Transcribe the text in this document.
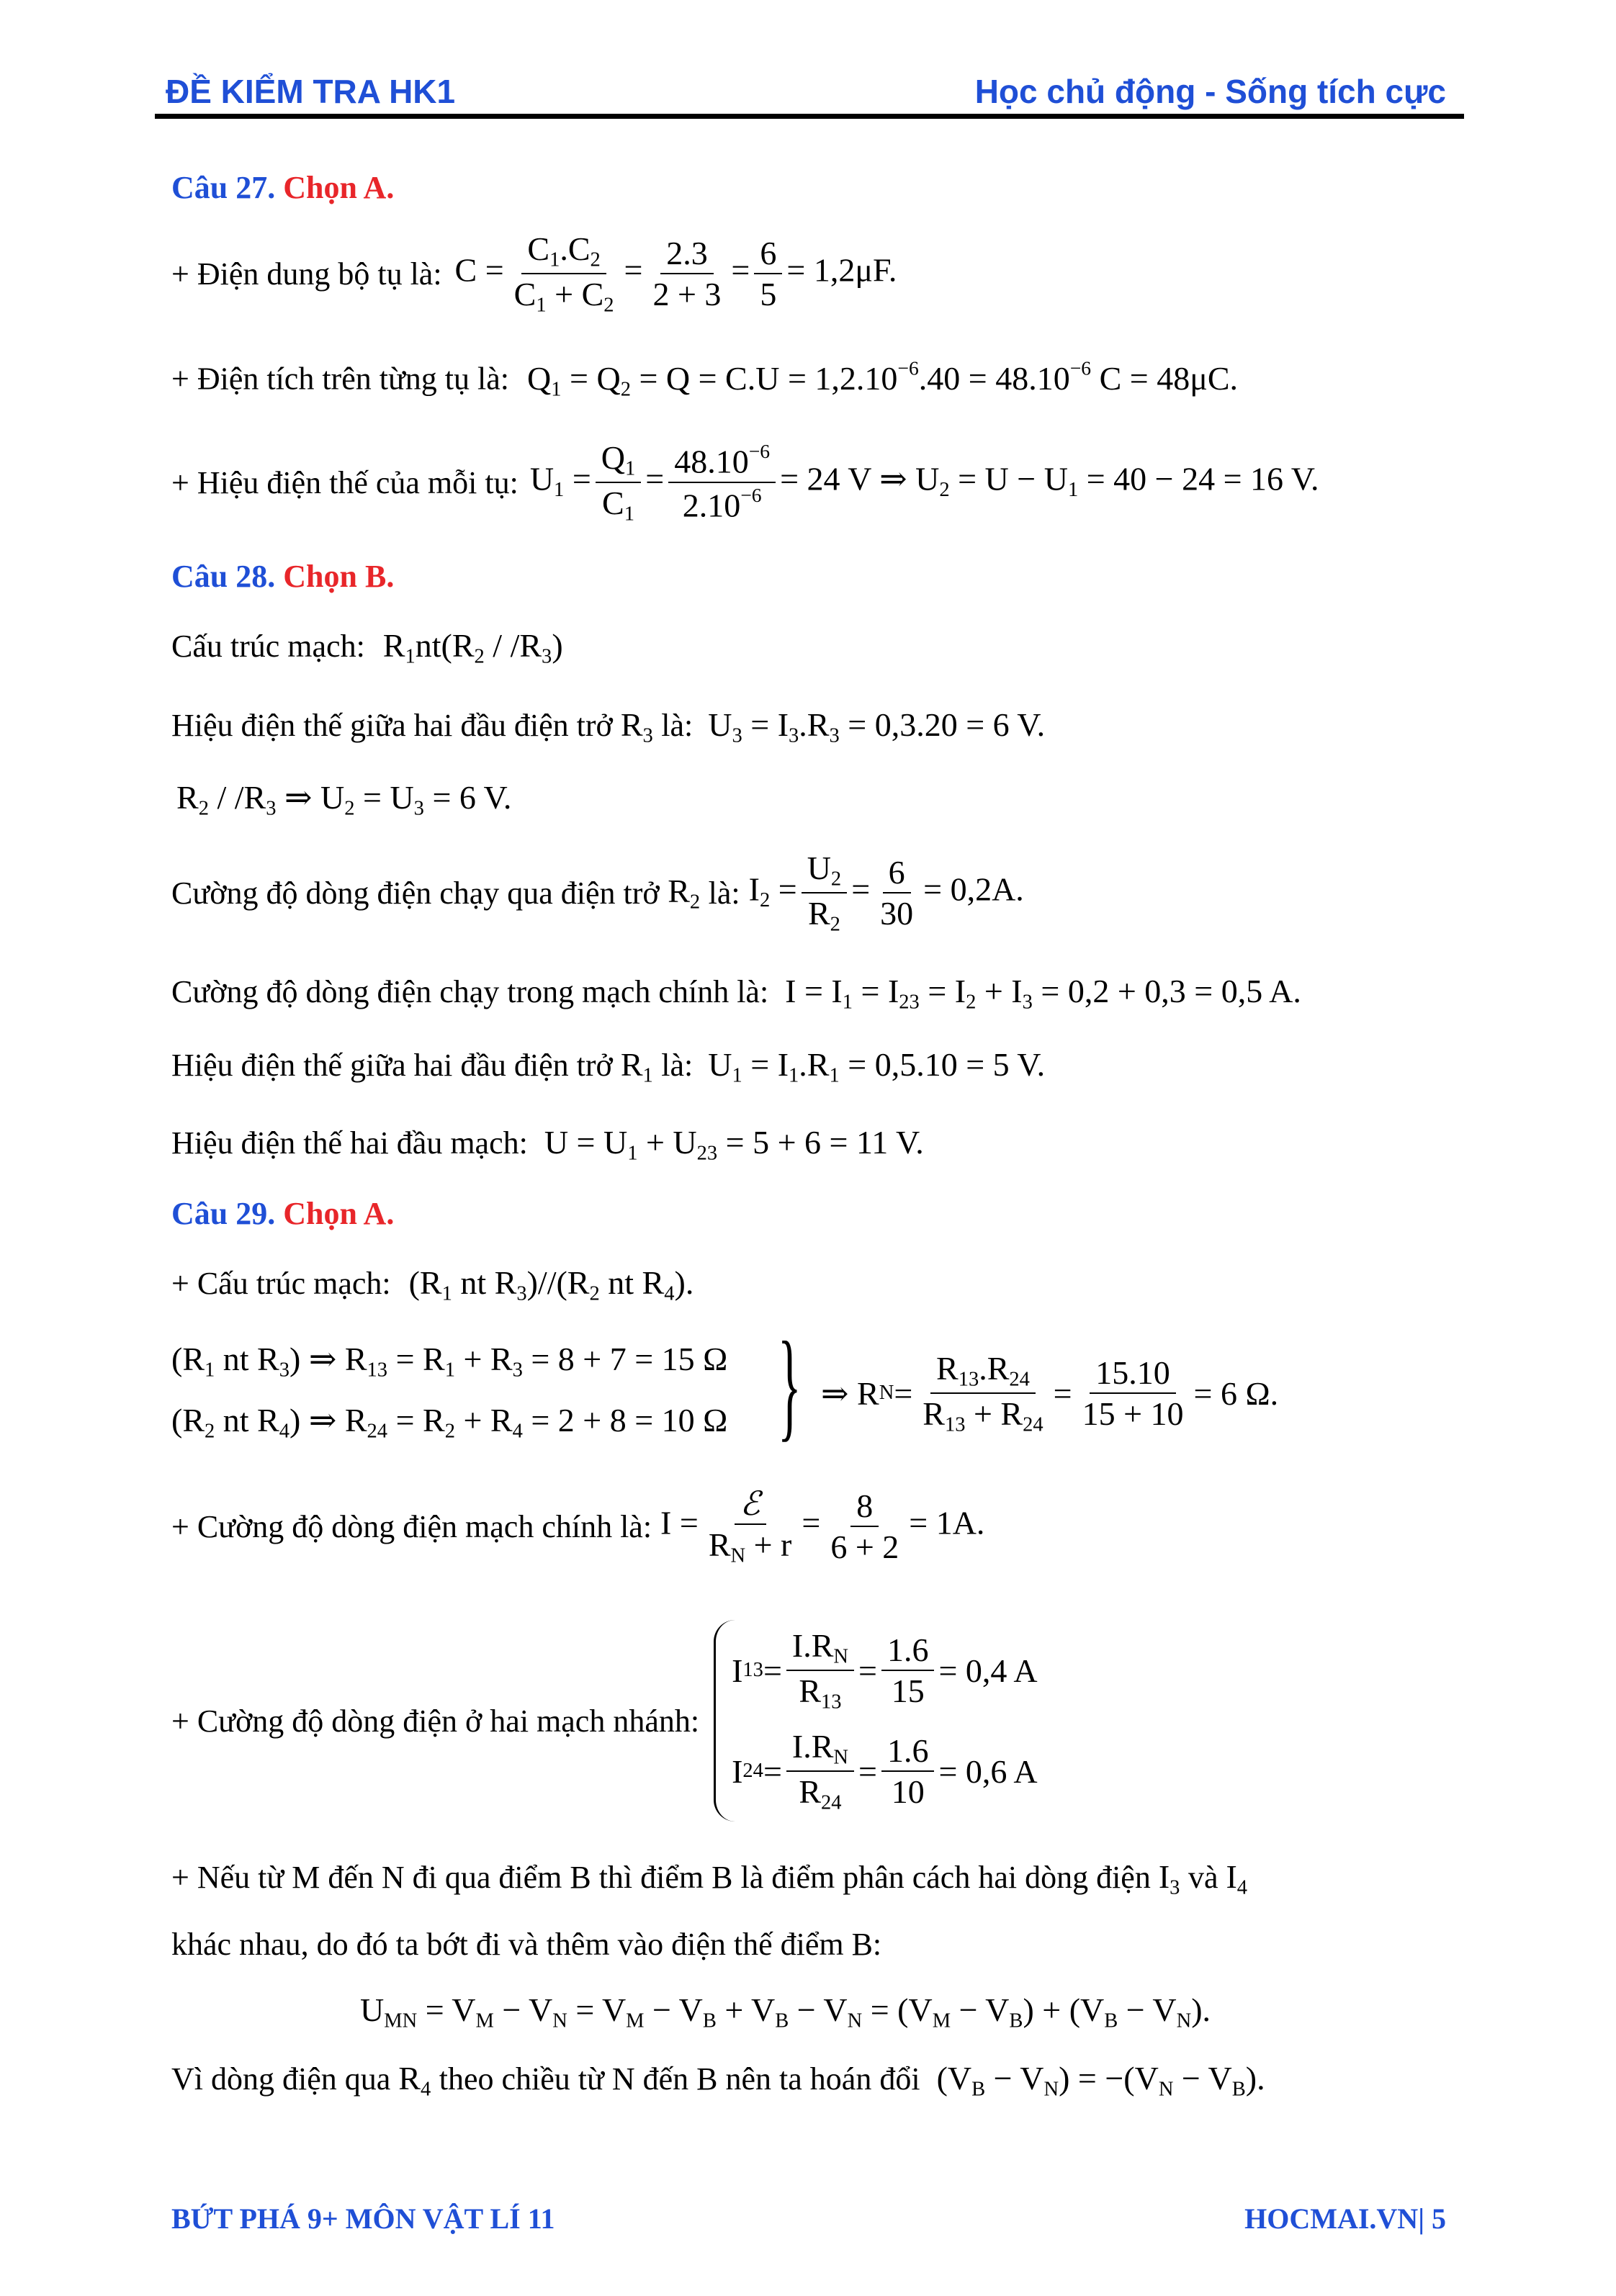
ĐỀ KIỂM TRA HK1	Học chủ động - Sống tích cực
Câu 27. Chọn A.
+ Điện dung bộ tụ là: $C = \frac{C_1.C_2}{C_1 + C_2} = \frac{2.3}{2 + 3} = \frac{6}{5} = 1,2\mu F$.
+ Điện tích trên từng tụ là: $Q_1 = Q_2 = Q = C.U = 1,2.10^{-6}.40 = 48.10^{-6}$ C = 48μC.
+ Hiệu điện thế của mỗi tụ: $U_1 = \frac{Q_1}{C_1} = \frac{48.10^{-6}}{2.10^{-6}} = 24$ V ⇒ $U_2 = U - U_1 = 40 - 24 = 16$ V.
Câu 28. Chọn B.
Cấu trúc mạch: $R_1nt(R_2 / /R_3)$
Hiệu điện thế giữa hai đầu điện trở $R_3$ là: $U_3 = I_3.R_3 = 0,3.20 = 6$ V.
$R_2 / /R_3$ ⇒ $U_2 = U_3 = 6$ V.
Cường độ dòng điện chạy qua điện trở $R_2$ là: $I_2 = \frac{U_2}{R_2} = \frac{6}{30} = 0,2A$.
Cường độ dòng điện chạy trong mạch chính là: $I = I_1 = I_{23} = I_2 + I_3 = 0,2 + 0,3 = 0,5$ A.
Hiệu điện thế giữa hai đầu điện trở $R_1$ là: $U_1 = I_1.R_1 = 0,5.10 = 5$ V.
Hiệu điện thế hai đầu mạch: $U = U_1 + U_{23} = 5 + 6 = 11$ V.
Câu 29. Chọn A.
+ Cấu trúc mạch: ($R_1$ nt $R_3)//(R_2$ nt $R_4$).
($R_1$ nt $R_3$) ⇒ $R_{13} = R_1 + R_3 = 8 + 7 = 15$ Ω
($R_2$ nt $R_4$) ⇒ $R_{24} = R_2 + R_4 = 2 + 8 = 10$ Ω } ⇒ R $N = \frac{R_{13}.R_{24}}{R_{13} + R_{24}} = \frac{15.10}{15 + 10} = 6$ Ω.
+ Cường độ dòng điện mạch chính là: $I = \frac{\text{ℰ}}{R_N + r} = \frac{8}{6 + 2} = 1A$.
+ Cường độ dòng điện ở hai mạch nhánh:
I $13 = \frac{I.R_N}{R_{13}} = \frac{1.6}{15} = 0,4$ A
I $24 = \frac{I.R_N}{R_{24}} = \frac{1.6}{10} = 0,6$ A
+ Nếu từ M đến N đi qua điểm B thì điểm B là điểm phân cách hai dòng điện $I_3$ và $I_4$
khác nhau, do đó ta bớt đi và thêm vào điện thế điểm B:
$U_{MN} = V_M - V_N = V_M - V_B + V_B - V_N = (V_M - V_B) + (V_B - V_N)$.
Vì dòng điện qua $R_4$ theo chiều từ N đến B nên ta hoán đổi $(V_B - V_N) = -(V_N - V_B)$.
BỨT PHÁ 9+ MÔN VẬT LÍ 11	HOCMAI.VN| 5
